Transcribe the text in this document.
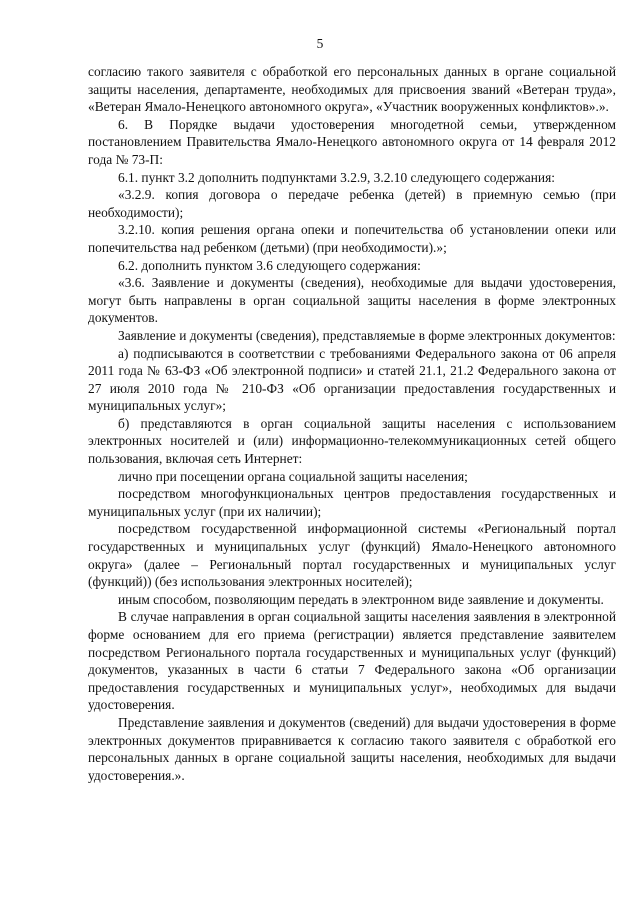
5

согласию такого заявителя с обработкой его персональных данных в органе социальной защиты населения, департаменте, необходимых для присвоения званий «Ветеран труда», «Ветеран Ямало-Ненецкого автономного округа», «Участник вооруженных конфликтов».».

6. В Порядке выдачи удостоверения многодетной семьи, утвержденном постановлением Правительства Ямало-Ненецкого автономного округа от 14 февраля 2012 года № 73-П:

6.1. пункт 3.2 дополнить подпунктами 3.2.9, 3.2.10 следующего содержания:

«3.2.9. копия договора о передаче ребенка (детей) в приемную семью (при необходимости);

3.2.10. копия решения органа опеки и попечительства об установлении опеки или попечительства над ребенком (детьми) (при необходимости).»;

6.2. дополнить пунктом 3.6 следующего содержания:

«3.6. Заявление и документы (сведения), необходимые для выдачи удостоверения, могут быть направлены в орган социальной защиты населения в форме электронных документов.

Заявление и документы (сведения), представляемые в форме электронных документов:

а) подписываются в соответствии с требованиями Федерального закона от 06 апреля 2011 года № 63-ФЗ «Об электронной подписи» и статей 21.1, 21.2 Федерального закона от 27 июля 2010 года № 210-ФЗ «Об организации предоставления государственных и муниципальных услуг»;

б) представляются в орган социальной защиты населения с использованием электронных носителей и (или) информационно-телекоммуникационных сетей общего пользования, включая сеть Интернет:

лично при посещении органа социальной защиты населения;

посредством многофункциональных центров предоставления государственных и муниципальных услуг (при их наличии);

посредством государственной информационной системы «Региональный портал государственных и муниципальных услуг (функций) Ямало-Ненецкого автономного округа» (далее – Региональный портал государственных и муниципальных услуг (функций)) (без использования электронных носителей);

иным способом, позволяющим передать в электронном виде заявление и документы.

В случае направления в орган социальной защиты населения заявления в электронной форме основанием для его приема (регистрации) является представление заявителем посредством Регионального портала государственных и муниципальных услуг (функций) документов, указанных в части 6 статьи 7 Федерального закона «Об организации предоставления государственных и муниципальных услуг», необходимых для выдачи удостоверения.

Представление заявления и документов (сведений) для выдачи удостоверения в форме электронных документов приравнивается к согласию такого заявителя с обработкой его персональных данных в органе социальной защиты населения, необходимых для выдачи удостоверения.».
